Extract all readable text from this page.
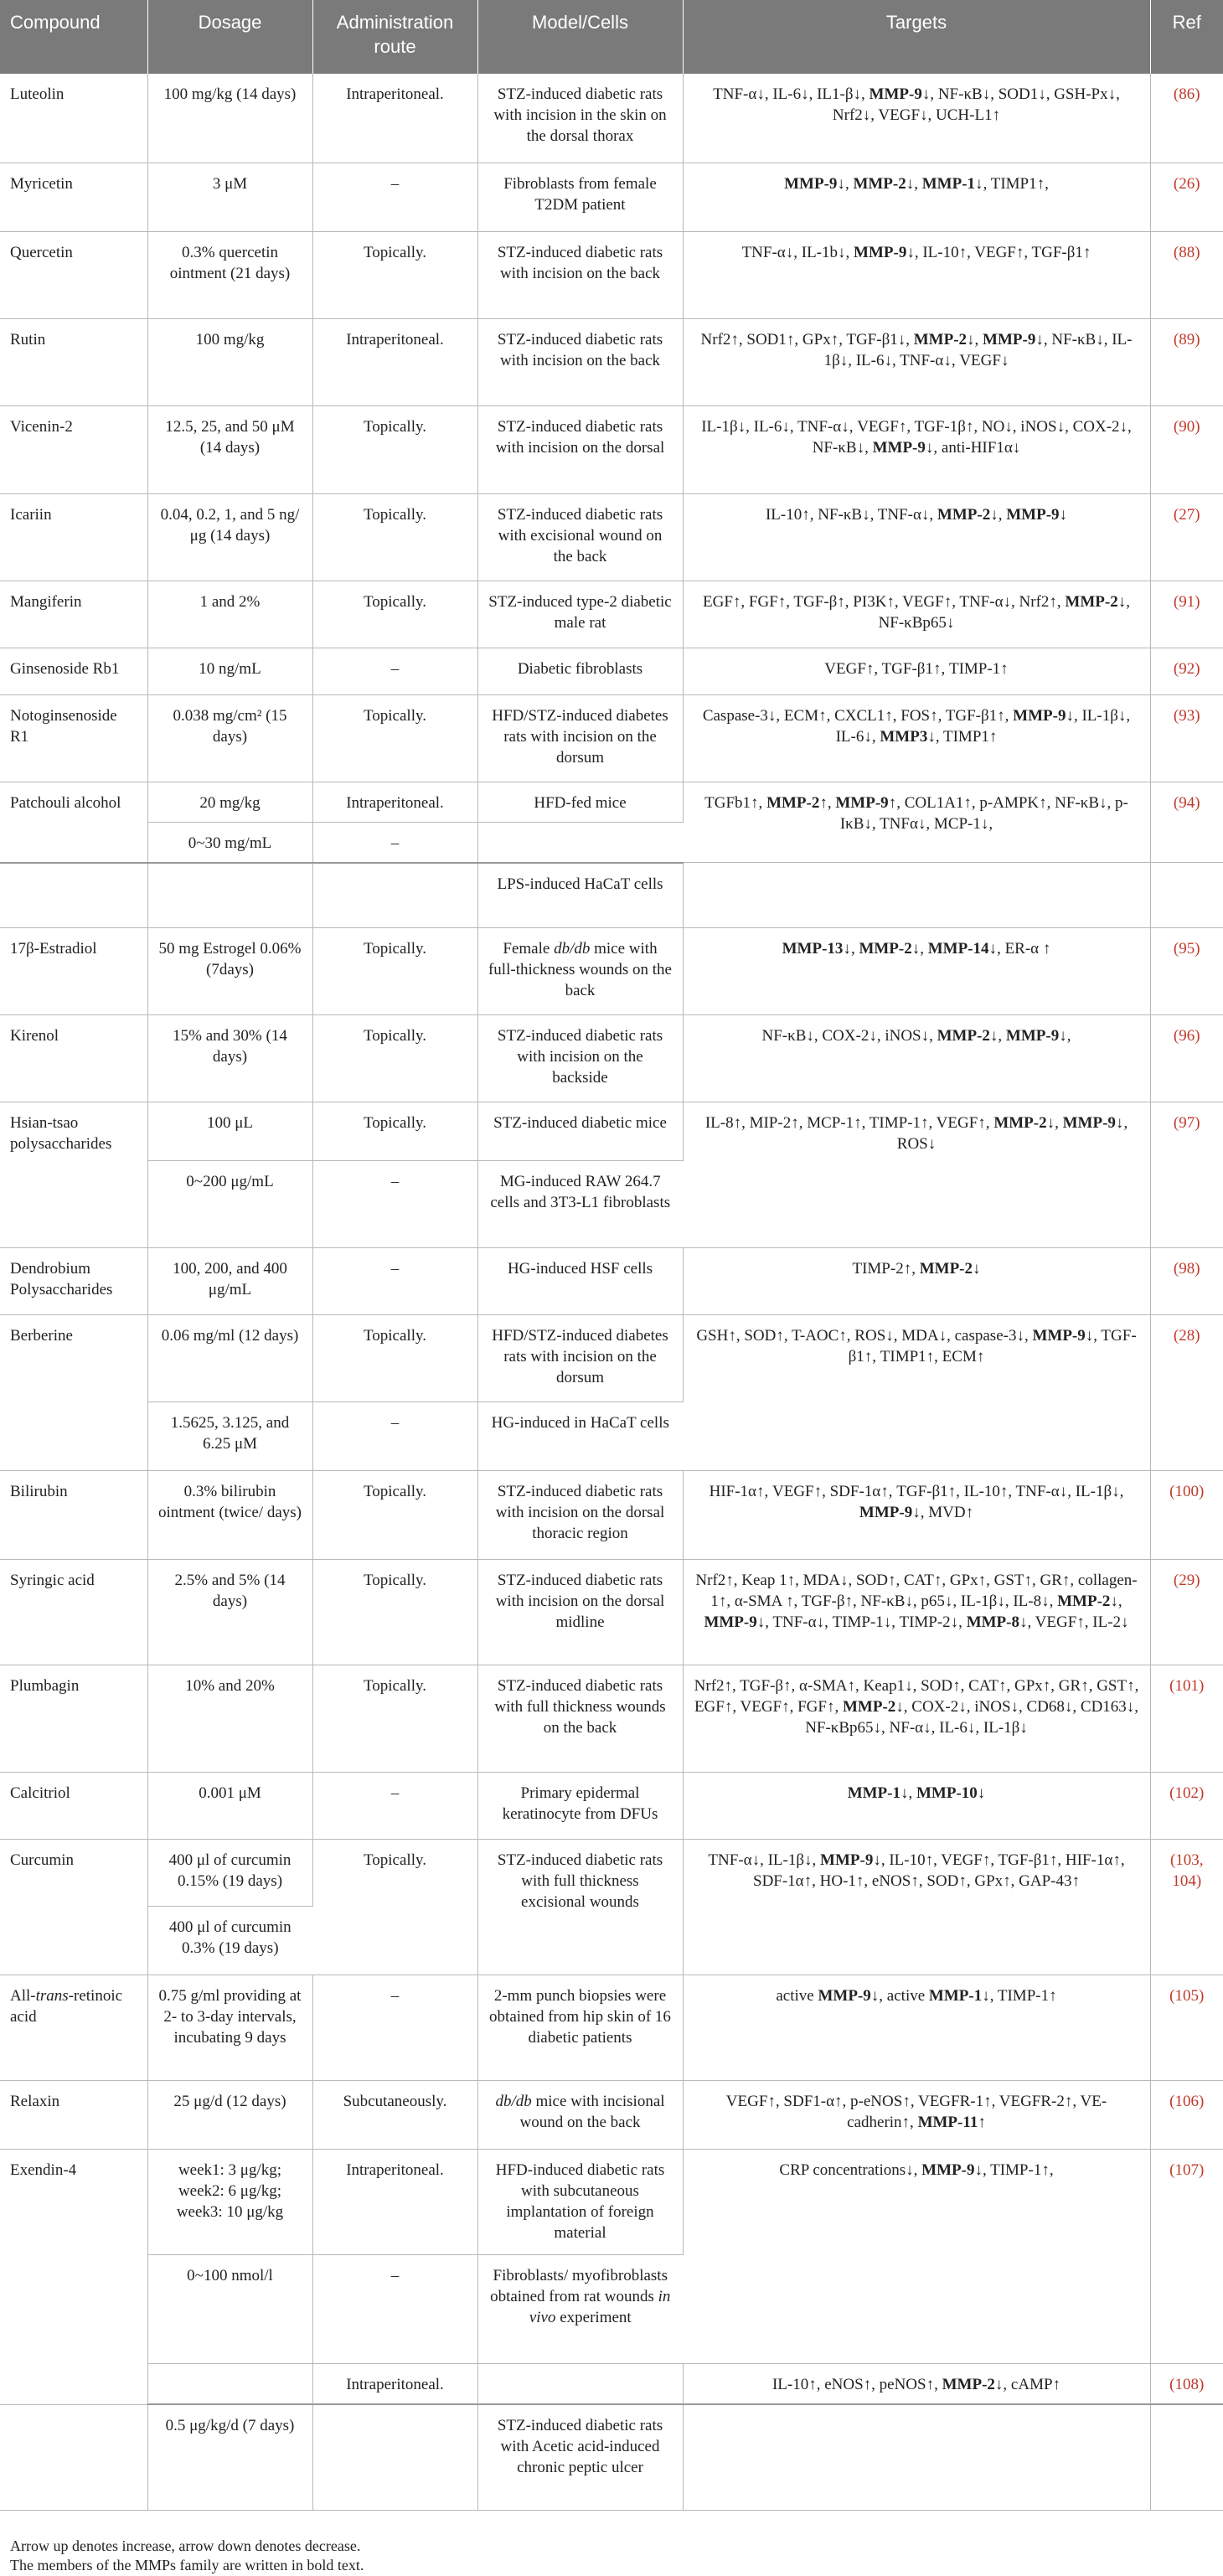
Compound	Dosage	Administration route	Model/Cells	Targets	Ref
Luteolin	100 mg/kg (14 days)	Intraperitoneal.	STZ-induced diabetic rats with incision in the skin on the dorsal thorax	TNF-α↓, IL-6↓, IL1-β↓, MMP-9↓, NF-κB↓, SOD1↓, GSH-Px↓, Nrf2↓, VEGF↓, UCH-L1↑	(86)
Myricetin	3 μM	–	Fibroblasts from female T2DM patient	MMP-9↓, MMP-2↓, MMP-1↓, TIMP1↑,	(26)
Quercetin	0.3% quercetin ointment (21 days)	Topically.	STZ-induced diabetic rats with incision on the back	TNF-α↓, IL-1b↓, MMP-9↓, IL-10↑, VEGF↑, TGF-β1↑	(88)
Rutin	100 mg/kg	Intraperitoneal.	STZ-induced diabetic rats with incision on the back	Nrf2↑, SOD1↑, GPx↑, TGF-β1↓, MMP-2↓, MMP-9↓, NF-κB↓, IL-1β↓, IL-6↓, TNF-α↓, VEGF↓	(89)
Vicenin-2	12.5, 25, and 50 μM (14 days)	Topically.	STZ-induced diabetic rats with incision on the dorsal	IL-1β↓, IL-6↓, TNF-α↓, VEGF↑, TGF-1β↑, NO↓, iNOS↓, COX-2↓, NF-κB↓, MMP-9↓, anti-HIF1α↓	(90)
Icariin	0.04, 0.2, 1, and 5 ng/μg (14 days)	Topically.	STZ-induced diabetic rats with excisional wound on the back	IL-10↑, NF-κB↓, TNF-α↓, MMP-2↓, MMP-9↓	(27)
Mangiferin	1 and 2%	Topically.	STZ-induced type-2 diabetic male rat	EGF↑, FGF↑, TGF-β↑, PI3K↑, VEGF↑, TNF-α↓, Nrf2↑, MMP-2↓, NF-κBp65↓	(91)
Ginsenoside Rb1	10 ng/mL	–	Diabetic fibroblasts	VEGF↑, TGF-β1↑, TIMP-1↑	(92)
Notoginsenoside R1	0.038 mg/cm² (15 days)	Topically.	HFD/STZ-induced diabetes rats with incision on the dorsum	Caspase-3↓, ECM↑, CXCL1↑, FOS↑, TGF-β1↑, MMP-9↓, IL-1β↓, IL-6↓, MMP3↓, TIMP1↑	(93)
Patchouli alcohol	20 mg/kg	Intraperitoneal.	HFD-fed mice	TGFb1↑, MMP-2↑, MMP-9↑, COL1A1↑, p-AMPK↑, NF-κB↓, p-IκB↓, TNFα↓, MCP-1↓,	(94)
	0~30 mg/mL	–			
			LPS-induced HaCaT cells		
17β-Estradiol	50 mg Estrogel 0.06% (7days)	Topically.	Female db/db mice with full-thickness wounds on the back	MMP-13↓, MMP-2↓, MMP-14↓, ER-α ↑	(95)
Kirenol	15% and 30% (14 days)	Topically.	STZ-induced diabetic rats with incision on the backside	NF-κB↓, COX-2↓, iNOS↓, MMP-2↓, MMP-9↓,	(96)
Hsian-tsao polysaccharides	100 μL	Topically.	STZ-induced diabetic mice	IL-8↑, MIP-2↑, MCP-1↑, TIMP-1↑, VEGF↑, MMP-2↓, MMP-9↓, ROS↓	(97)
	0~200 μg/mL	–	MG-induced RAW 264.7 cells and 3T3-L1 fibroblasts		
Dendrobium Polysaccharides	100, 200, and 400 μg/mL	–	HG-induced HSF cells	TIMP-2↑, MMP-2↓	(98)
Berberine	0.06 mg/ml (12 days)	Topically.	HFD/STZ-induced diabetes rats with incision on the dorsum	GSH↑, SOD↑, T-AOC↑, ROS↓, MDA↓, caspase-3↓, MMP-9↓, TGF-β1↑, TIMP1↑, ECM↑	(28)
	1.5625, 3.125, and 6.25 μM	–	HG-induced in HaCaT cells		
Bilirubin	0.3% bilirubin ointment (twice/ days)	Topically.	STZ-induced diabetic rats with incision on the dorsal thoracic region	HIF-1α↑, VEGF↑, SDF-1α↑, TGF-β1↑, IL-10↑, TNF-α↓, IL-1β↓, MMP-9↓, MVD↑	(100)
Syringic acid	2.5% and 5% (14 days)	Topically.	STZ-induced diabetic rats with incision on the dorsal midline	Nrf2↑, Keap 1↑, MDA↓, SOD↑, CAT↑, GPx↑, GST↑, GR↑, collagen-1↑, α-SMA ↑, TGF-β↑, NF-κB↓, p65↓, IL-1β↓, IL-8↓, MMP-2↓, MMP-9↓, TNF-α↓, TIMP-1↓, TIMP-2↓, MMP-8↓, VEGF↑, IL-2↓	(29)
Plumbagin	10% and 20%	Topically.	STZ-induced diabetic rats with full thickness wounds on the back	Nrf2↑, TGF-β↑, α-SMA↑, Keap1↓, SOD↑, CAT↑, GPx↑, GR↑, GST↑, EGF↑, VEGF↑, FGF↑, MMP-2↓, COX-2↓, iNOS↓, CD68↓, CD163↓, NF-κBp65↓, NF-α↓, IL-6↓, IL-1β↓	(101)
Calcitriol	0.001 μM	–	Primary epidermal keratinocyte from DFUs	MMP-1↓, MMP-10↓	(102)
Curcumin	400 μl of curcumin 0.15% (19 days)	Topically.	STZ-induced diabetic rats with full thickness excisional wounds	TNF-α↓, IL-1β↓, MMP-9↓, IL-10↑, VEGF↑, TGF-β1↑, HIF-1α↑, SDF-1α↑, HO-1↑, eNOS↑, SOD↑, GPx↑, GAP-43↑	(103, 104)
	400 μl of curcumin 0.3% (19 days)				
All-trans-retinoic acid	0.75 g/ml providing at 2- to 3-day intervals, incubating 9 days	–	2-mm punch biopsies were obtained from hip skin of 16 diabetic patients	active MMP-9↓, active MMP-1↓, TIMP-1↑	(105)
Relaxin	25 μg/d (12 days)	Subcutaneously.	db/db mice with incisional wound on the back	VEGF↑, SDF1-α↑, p-eNOS↑, VEGFR-1↑, VEGFR-2↑, VE-cadherin↑, MMP-11↑	(106)
Exendin-4	week1: 3 μg/kg; week2: 6 μg/kg; week3: 10 μg/kg	Intraperitoneal.	HFD-induced diabetic rats with subcutaneous implantation of foreign material	CRP concentrations↓, MMP-9↓, TIMP-1↑,	(107)
	0~100 nmol/l	–	Fibroblasts/ myofibroblasts obtained from rat wounds in vivo experiment		
		Intraperitoneal.		IL-10↑, eNOS↑, peNOS↑, MMP-2↓, cAMP↑	(108)
	0.5 μg/kg/d (7 days)		STZ-induced diabetic rats with Acetic acid-induced chronic peptic ulcer		
Arrow up denotes increase, arrow down denotes decrease.
The members of the MMPs family are written in bold text.
